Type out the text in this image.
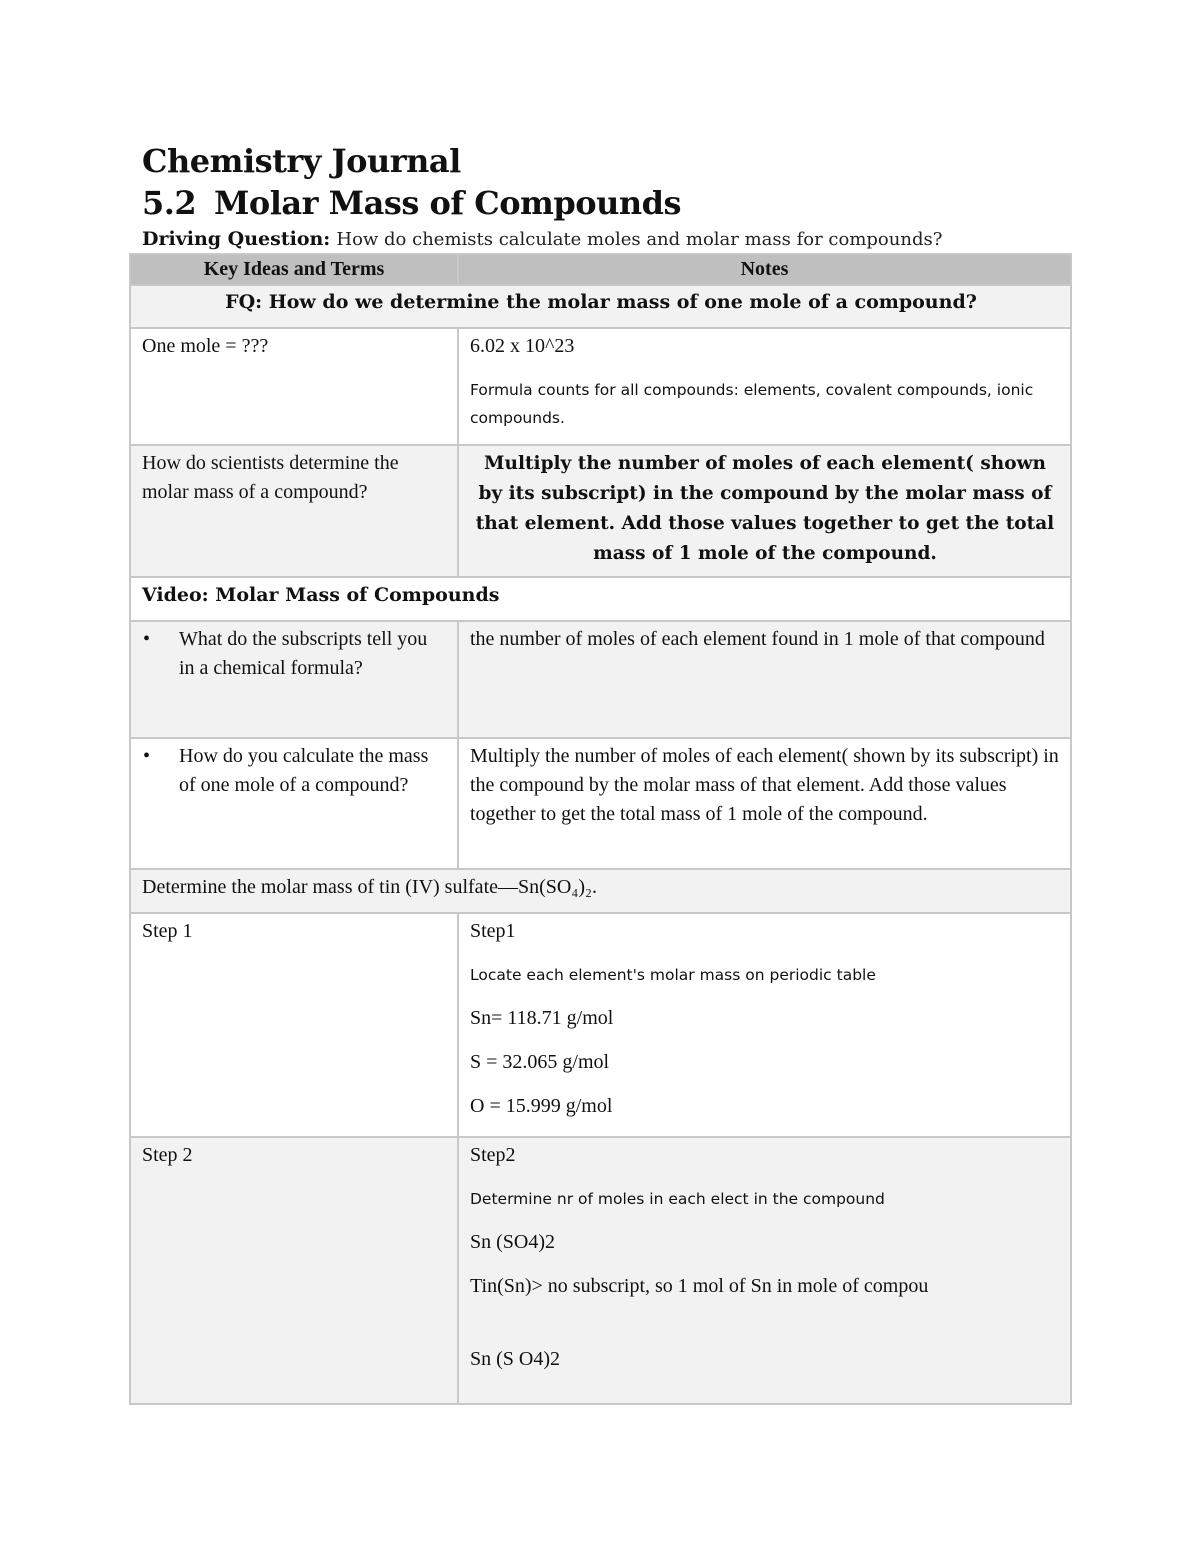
Chemistry Journal
5.2 Molar Mass of Compounds
Driving Question: How do chemists calculate moles and molar mass for compounds?
Key Ideas and Terms	Notes
FQ: How do we determine the molar mass of one mole of a compound?	
One mole = ???	6.02 x 10^23

Formula counts for all compounds: elements, covalent compounds, ionic compounds.

How do scientists determine the molar mass of a compound?	Multiply the number of moles of each element( shown by its subscript) in the compound by the molar mass of that element. Add those values together to get the total mass of 1 mole of the compound.
Video: Molar Mass of Compounds	

• What do the subscripts tell you in a chemical formula?	the number of moles of each element found in 1 mole of that compound

• How do you calculate the mass of one mole of a compound?	Multiply the number of moles of each element( shown by its subscript) in the compound by the molar mass of that element. Add those values together to get the total mass of 1 mole of the compound.
Determine the molar mass of tin (IV) sulfate—Sn(SO₄)₂.	
Step 1	Step1

Locate each element's molar mass on periodic table

Sn= 118.71 g/mol

S = 32.065 g/mol

O = 15.999 g/mol

Step 2	Step2

Determine nr of moles in each elect in the compound

Sn (SO4)2

Tin(Sn)> no subscript, so 1 mol of Sn in mole of compou

Sn (S O4)2
